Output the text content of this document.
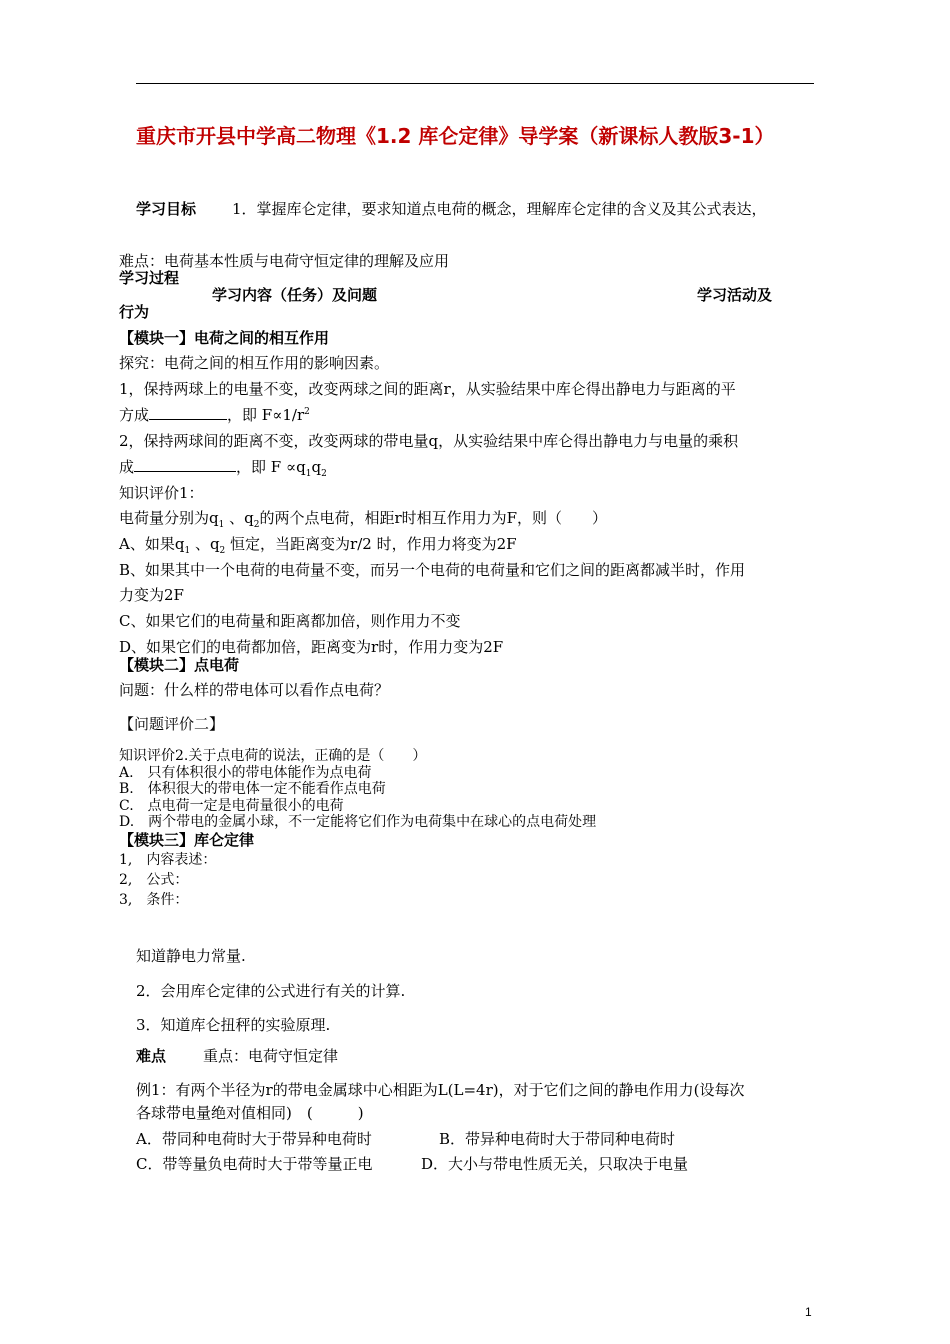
重庆市开县中学高二物理《1.2 库仑定律》导学案（新课标人教版3-1）
学习目标 1．掌握库仑定律，要求知道点电荷的概念，理解库仑定律的含义及其公式表达，
难点：电荷基本性质与电荷守恒定律的理解及应用
学习过程
学习内容（任务）及问题	学习活动及
行为
【模块一】电荷之间的相互作用
探究：电荷之间的相互作用的影响因素。
1，保持两球上的电量不变，改变两球之间的距离r，从实验结果中库仑得出静电力与距离的平
方成	，即 $F\propto 1/r^2$
2，保持两球间的距离不变，改变两球的带电量q，从实验结果中库仑得出静电力与电量的乘积
成	，即 $F \propto q_1q_2$
知识评价1：
电荷量分别为$q_1$ 、$q_2$的两个点电荷，相距r时相互作用力为F，则（　　）
A、如果$q_1$ 、$q_2$ 恒定，当距离变为r/2 时，作用力将变为2F
B、如果其中一个电荷的电荷量不变，而另一个电荷的电荷量和它们之间的距离都减半时，作用
力变为2F
C、如果它们的电荷量和距离都加倍，则作用力不变
D、如果它们的电荷都加倍，距离变为r时，作用力变为2F
【模块二】点电荷
问题：什么样的带电体可以看作点电荷？
【问题评价二】
知识评价2.关于点电荷的说法，正确的是（　　）
A.　只有体积很小的带电体能作为点电荷
B.　体积很大的带电体一定不能看作点电荷
C.　点电荷一定是电荷量很小的电荷
D.　两个带电的金属小球，不一定能将它们作为电荷集中在球心的点电荷处理
【模块三】库仑定律
1,　内容表述：
2,　公式：
3,　条件：
知道静电力常量.
2．会用库仑定律的公式进行有关的计算.
3．知道库仑扭秤的实验原理.
难点 重点：电荷守恒定律
例1：有两个半径为r的带电金属球中心相距为L(L=4r)，对于它们之间的静电作用力(设每次
各球带电量绝对值相同)　(　　　)
A．带同种电荷时大于带异种电荷时	B．带异种电荷时大于带同种电荷时
C．带等量负电荷时大于带等量正电	D．大小与带电性质无关，只取决于电量
1
